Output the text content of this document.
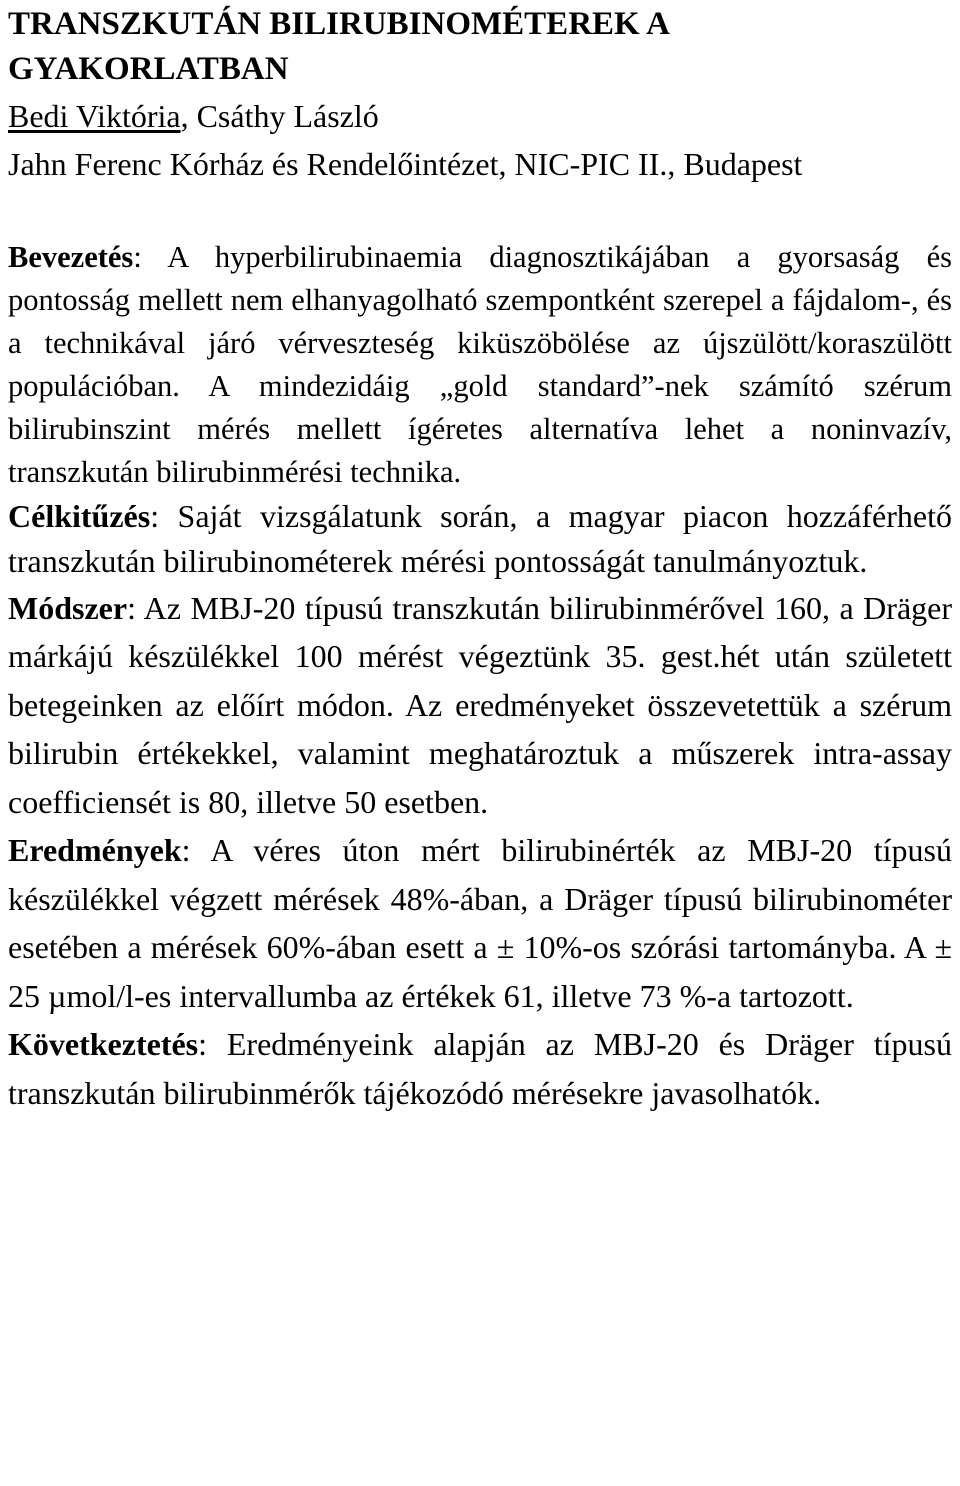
TRANSZKUTÁN BILIRUBINOMÉTEREK A GYAKORLATBAN

Bedi Viktória, Csáthy László

Jahn Ferenc Kórház és Rendelőintézet, NIC-PIC II., Budapest

Bevezetés: A hyperbilirubinaemia diagnosztikájában a gyorsaság és pontosság mellett nem elhanyagolható szempontként szerepel a fájdalom-, és a technikával járó vérveszteség kiküszöbölése az újszülött/koraszülött populációban. A mindezidáig „gold standard”-nek számító szérum bilirubinszint mérés mellett ígéretes alternatíva lehet a noninvazív, transzkután bilirubinmérési technika.

Célkitűzés: Saját vizsgálatunk során, a magyar piacon hozzáférhető transzkután bilirubinométerek mérési pontosságát tanulmányoztuk.

Módszer: Az MBJ-20 típusú transzkután bilirubinmérővel 160, a Dräger márkájú készülékkel 100 mérést végeztünk 35. gest.hét után született betegeinken az előírt módon. Az eredményeket összevetettük a szérum bilirubin értékekkel, valamint meghatároztuk a műszerek intra-assay coefficiensét is 80, illetve 50 esetben.

Eredmények: A véres úton mért bilirubinérték az MBJ-20 típusú készülékkel végzett mérések 48%-ában, a Dräger típusú bilirubinométer esetében a mérések 60%-ában esett a ± 10%-os szórási tartományba. A ± 25 µmol/l-es intervallumba az értékek 61, illetve 73 %-a tartozott.

Következtetés: Eredményeink alapján az MBJ-20 és Dräger típusú transzkután bilirubinmérők tájékozódó mérésekre javasolhatók.
